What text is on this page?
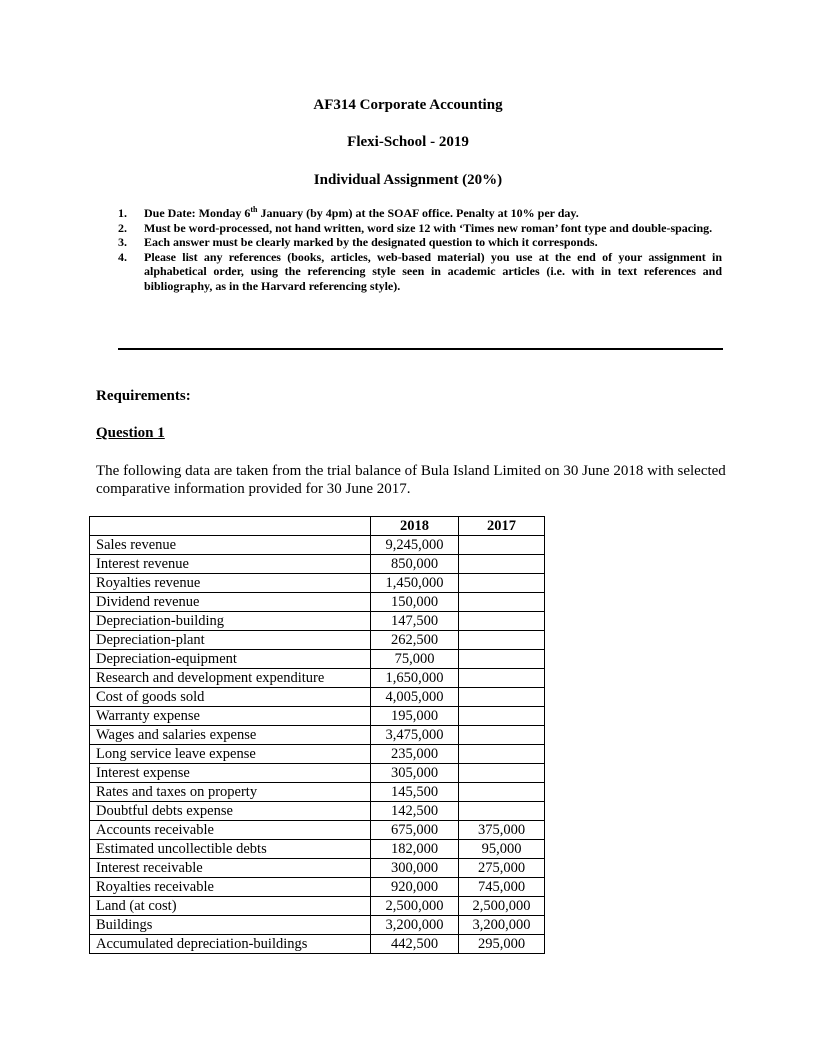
AF314 Corporate Accounting
Flexi-School - 2019
Individual Assignment (20%)
1. Due Date: Monday 6th January (by 4pm) at the SOAF office. Penalty at 10% per day.
2. Must be word-processed, not hand written, word size 12 with ‘Times new roman’ font type and double-spacing.
3. Each answer must be clearly marked by the designated question to which it corresponds.
4. Please list any references (books, articles, web-based material) you use at the end of your assignment in alphabetical order, using the referencing style seen in academic articles (i.e. with in text references and bibliography, as in the Harvard referencing style).
Requirements:
Question 1
The following data are taken from the trial balance of Bula Island Limited on 30 June 2018 with selected comparative information provided for 30 June 2017.
	2018	2017
Sales revenue	9,245,000	
Interest revenue	850,000	
Royalties revenue	1,450,000	
Dividend revenue	150,000	
Depreciation-building	147,500	
Depreciation-plant	262,500	
Depreciation-equipment	75,000	
Research and development expenditure	1,650,000	
Cost of goods sold	4,005,000	
Warranty expense	195,000	
Wages and salaries expense	3,475,000	
Long service leave expense	235,000	
Interest expense	305,000	
Rates and taxes on property	145,500	
Doubtful debts expense	142,500	
Accounts receivable	675,000	375,000
Estimated uncollectible debts	182,000	95,000
Interest receivable	300,000	275,000
Royalties receivable	920,000	745,000
Land (at cost)	2,500,000	2,500,000
Buildings	3,200,000	3,200,000
Accumulated depreciation-buildings	442,500	295,000
